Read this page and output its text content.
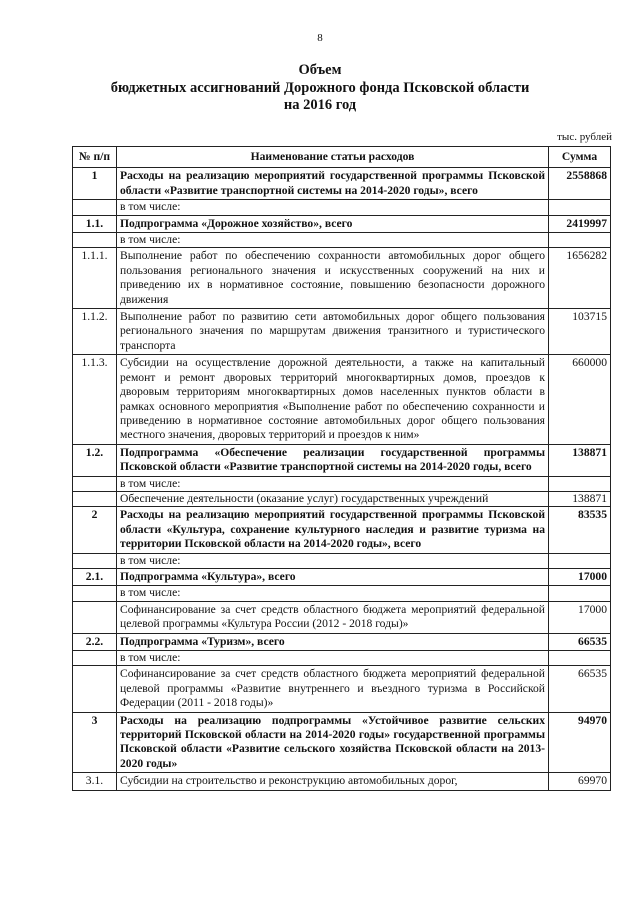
8
Объем
бюджетных ассигнований Дорожного фонда Псковской области
на 2016 год
тыс. рублей
№ п/п	Наименование статьи расходов	Сумма
1	Расходы на реализацию мероприятий государственной программы Псковской области «Развитие транспортной системы на 2014-2020 годы», всего	2558868
	в том числе:	
1.1.	Подпрограмма «Дорожное хозяйство», всего	2419997
	в том числе:	
1.1.1.	Выполнение работ по обеспечению сохранности автомобильных дорог общего пользования регионального значения и искусственных сооружений на них и приведению их в нормативное состояние, повышению безопасности дорожного движения	1656282
1.1.2.	Выполнение работ по развитию сети автомобильных дорог общего пользования регионального значения по маршрутам движения транзитного и туристического транспорта	103715
1.1.3.	Субсидии на осуществление дорожной деятельности, а также на капитальный ремонт и ремонт дворовых территорий многоквартирных домов, проездов к дворовым территориям многоквартирных домов населенных пунктов области в рамках основного мероприятия «Выполнение работ по обеспечению сохранности и приведению в нормативное состояние автомобильных дорог общего пользования местного значения, дворовых территорий и проездов к ним»	660000
1.2.	Подпрограмма «Обеспечение реализации государственной программы Псковской области «Развитие транспортной системы на 2014-2020 годы, всего	138871
	в том числе:	
	Обеспечение деятельности (оказание услуг) государственных учреждений	138871
2	Расходы на реализацию мероприятий государственной программы Псковской области «Культура, сохранение культурного наследия и развитие туризма на территории Псковской области на 2014-2020 годы», всего	83535
	в том числе:	
2.1.	Подпрограмма «Культура», всего	17000
	в том числе:	
	Софинансирование за счет средств областного бюджета мероприятий федеральной целевой программы «Культура России (2012 - 2018 годы)»	17000
2.2.	Подпрограмма «Туризм», всего	66535
	в том числе:	
	Софинансирование за счет средств областного бюджета мероприятий федеральной целевой программы «Развитие внутреннего и въездного туризма в Российской Федерации (2011 - 2018 годы)»	66535
3	Расходы на реализацию подпрограммы «Устойчивое развитие сельских территорий Псковской области на 2014-2020 годы» государственной программы Псковской области «Развитие сельского хозяйства Псковской области на 2013-2020 годы»	94970
3.1.	Субсидии на строительство и реконструкцию автомобильных дорог,	69970
